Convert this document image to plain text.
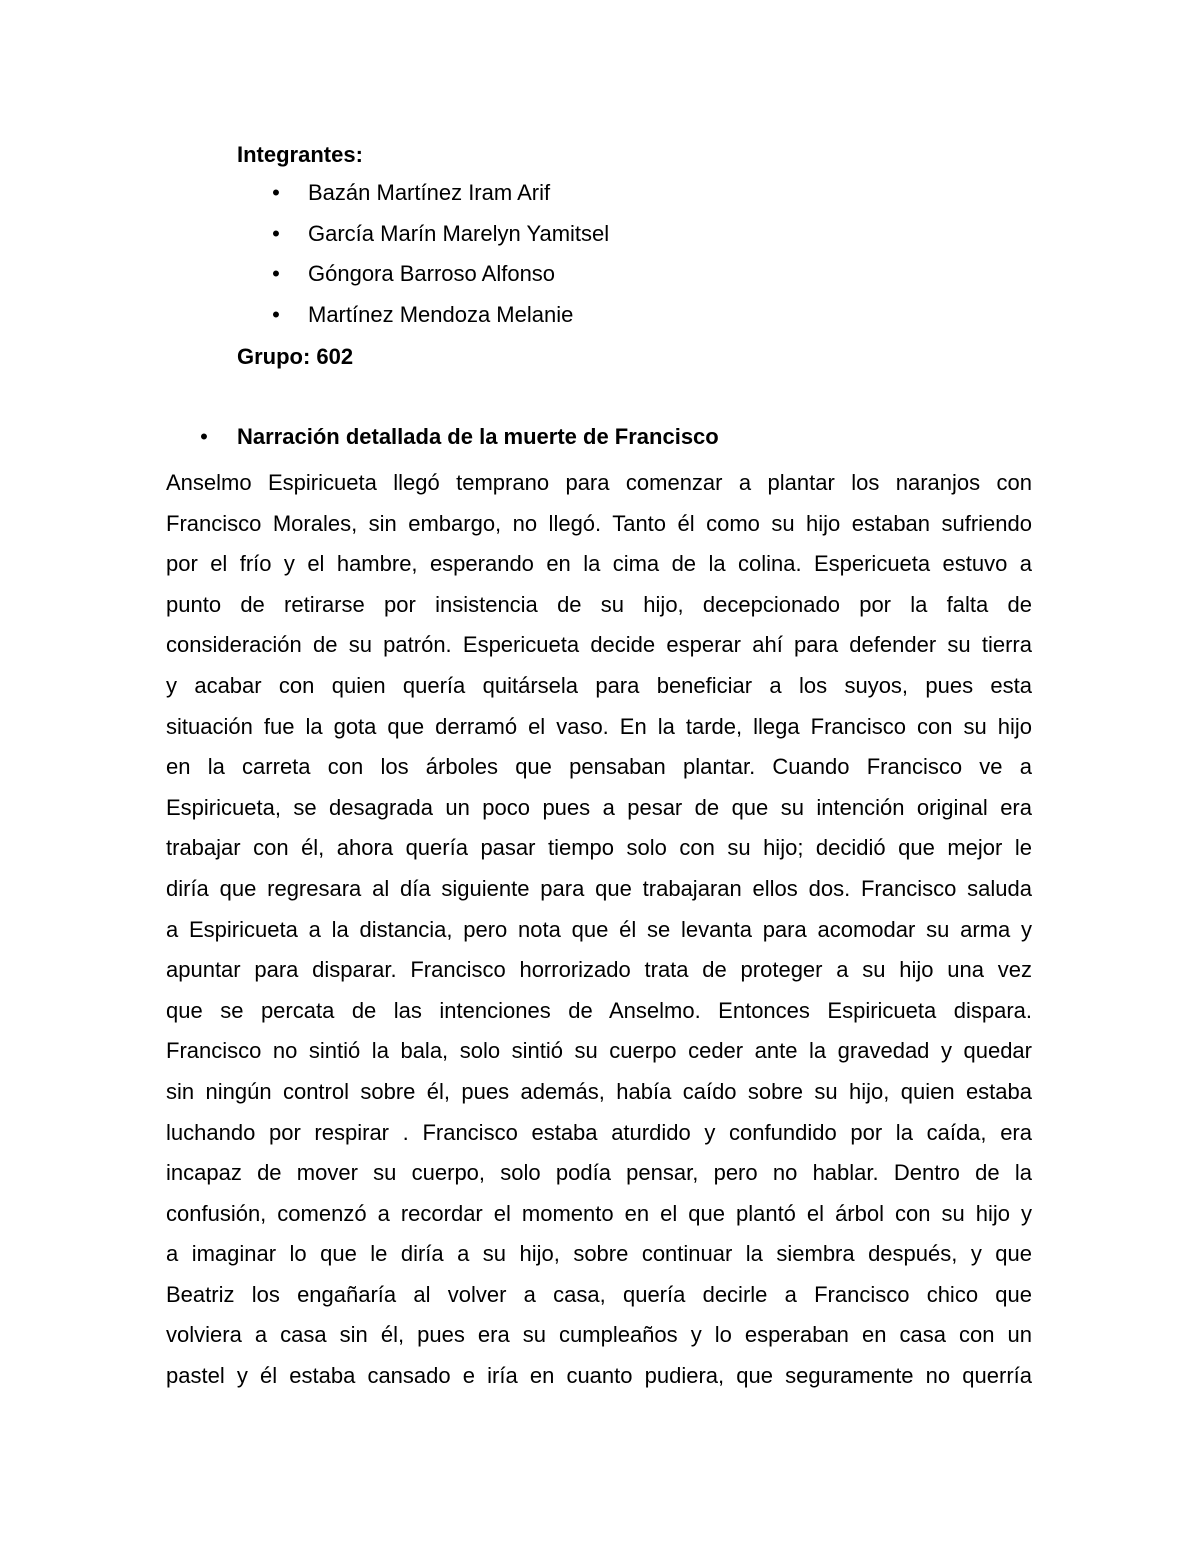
Integrantes:
• Bazán Martínez Iram Arif
• García Marín Marelyn Yamitsel
• Góngora Barroso Alfonso
• Martínez Mendoza Melanie
Grupo: 602
• Narración detallada de la muerte de Francisco
Anselmo Espiricueta llegó temprano para comenzar a plantar los naranjos con
Francisco Morales, sin embargo, no llegó. Tanto él como su hijo estaban sufriendo
por el frío y el hambre, esperando en la cima de la colina. Espericueta estuvo a
punto de retirarse por insistencia de su hijo, decepcionado por la falta de
consideración de su patrón. Espericueta decide esperar ahí para defender su tierra
y acabar con quien quería quitársela para beneficiar a los suyos, pues esta
situación fue la gota que derramó el vaso. En la tarde, llega Francisco con su hijo
en la carreta con los árboles que pensaban plantar. Cuando Francisco ve a
Espiricueta, se desagrada un poco pues a pesar de que su intención original era
trabajar con él, ahora quería pasar tiempo solo con su hijo; decidió que mejor le
diría que regresara al día siguiente para que trabajaran ellos dos. Francisco saluda
a Espiricueta a la distancia, pero nota que él se levanta para acomodar su arma y
apuntar para disparar. Francisco horrorizado trata de proteger a su hijo una vez
que se percata de las intenciones de Anselmo. Entonces Espiricueta dispara.
Francisco no sintió la bala, solo sintió su cuerpo ceder ante la gravedad y quedar
sin ningún control sobre él, pues además, había caído sobre su hijo, quien estaba
luchando por respirar . Francisco estaba aturdido y confundido por la caída, era
incapaz de mover su cuerpo, solo podía pensar, pero no hablar. Dentro de la
confusión, comenzó a recordar el momento en el que plantó el árbol con su hijo y
a imaginar lo que le diría a su hijo, sobre continuar la siembra después, y que
Beatriz los engañaría al volver a casa, quería decirle a Francisco chico que
volviera a casa sin él, pues era su cumpleaños y lo esperaban en casa con un
pastel y él estaba cansado e iría en cuanto pudiera, que seguramente no querría
